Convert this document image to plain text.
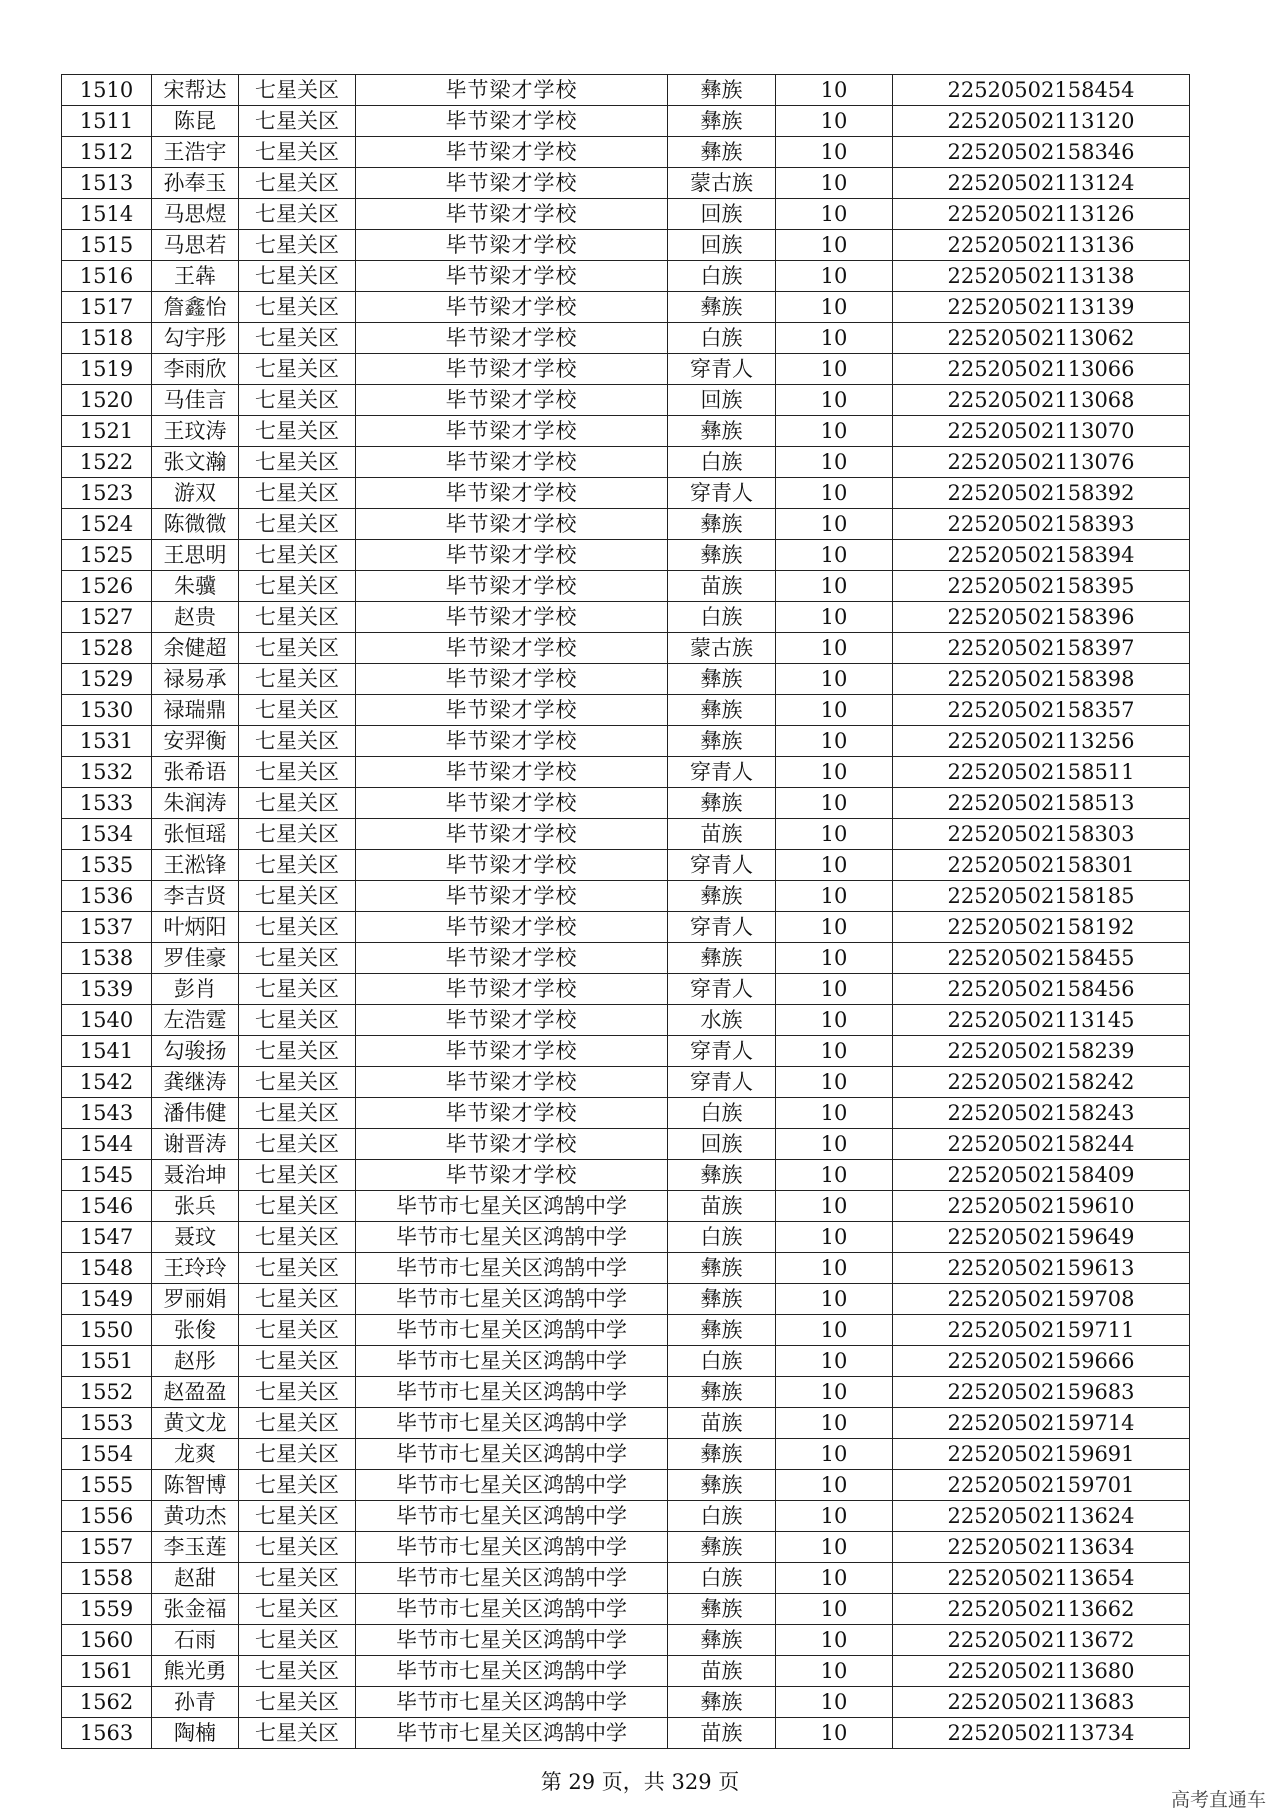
1510	宋帮达	七星关区	毕节梁才学校	彝族	10	22520502158454
1511	陈昆	七星关区	毕节梁才学校	彝族	10	22520502113120
1512	王浩宇	七星关区	毕节梁才学校	彝族	10	22520502158346
1513	孙奉玉	七星关区	毕节梁才学校	蒙古族	10	22520502113124
1514	马思煜	七星关区	毕节梁才学校	回族	10	22520502113126
1515	马思若	七星关区	毕节梁才学校	回族	10	22520502113136
1516	王犇	七星关区	毕节梁才学校	白族	10	22520502113138
1517	詹鑫怡	七星关区	毕节梁才学校	彝族	10	22520502113139
1518	勾宇彤	七星关区	毕节梁才学校	白族	10	22520502113062
1519	李雨欣	七星关区	毕节梁才学校	穿青人	10	22520502113066
1520	马佳言	七星关区	毕节梁才学校	回族	10	22520502113068
1521	王玟涛	七星关区	毕节梁才学校	彝族	10	22520502113070
1522	张文瀚	七星关区	毕节梁才学校	白族	10	22520502113076
1523	游双	七星关区	毕节梁才学校	穿青人	10	22520502158392
1524	陈微微	七星关区	毕节梁才学校	彝族	10	22520502158393
1525	王思明	七星关区	毕节梁才学校	彝族	10	22520502158394
1526	朱骥	七星关区	毕节梁才学校	苗族	10	22520502158395
1527	赵贵	七星关区	毕节梁才学校	白族	10	22520502158396
1528	余健超	七星关区	毕节梁才学校	蒙古族	10	22520502158397
1529	禄易承	七星关区	毕节梁才学校	彝族	10	22520502158398
1530	禄瑞鼎	七星关区	毕节梁才学校	彝族	10	22520502158357
1531	安羿衡	七星关区	毕节梁才学校	彝族	10	22520502113256
1532	张希语	七星关区	毕节梁才学校	穿青人	10	22520502158511
1533	朱润涛	七星关区	毕节梁才学校	彝族	10	22520502158513
1534	张恒瑶	七星关区	毕节梁才学校	苗族	10	22520502158303
1535	王淞锋	七星关区	毕节梁才学校	穿青人	10	22520502158301
1536	李吉贤	七星关区	毕节梁才学校	彝族	10	22520502158185
1537	叶炳阳	七星关区	毕节梁才学校	穿青人	10	22520502158192
1538	罗佳豪	七星关区	毕节梁才学校	彝族	10	22520502158455
1539	彭肖	七星关区	毕节梁才学校	穿青人	10	22520502158456
1540	左浩霆	七星关区	毕节梁才学校	水族	10	22520502113145
1541	勾骏扬	七星关区	毕节梁才学校	穿青人	10	22520502158239
1542	龚继涛	七星关区	毕节梁才学校	穿青人	10	22520502158242
1543	潘伟健	七星关区	毕节梁才学校	白族	10	22520502158243
1544	谢晋涛	七星关区	毕节梁才学校	回族	10	22520502158244
1545	聂治坤	七星关区	毕节梁才学校	彝族	10	22520502158409
1546	张兵	七星关区	毕节市七星关区鸿鹄中学	苗族	10	22520502159610
1547	聂玟	七星关区	毕节市七星关区鸿鹄中学	白族	10	22520502159649
1548	王玲玲	七星关区	毕节市七星关区鸿鹄中学	彝族	10	22520502159613
1549	罗丽娟	七星关区	毕节市七星关区鸿鹄中学	彝族	10	22520502159708
1550	张俊	七星关区	毕节市七星关区鸿鹄中学	彝族	10	22520502159711
1551	赵彤	七星关区	毕节市七星关区鸿鹄中学	白族	10	22520502159666
1552	赵盈盈	七星关区	毕节市七星关区鸿鹄中学	彝族	10	22520502159683
1553	黄文龙	七星关区	毕节市七星关区鸿鹄中学	苗族	10	22520502159714
1554	龙爽	七星关区	毕节市七星关区鸿鹄中学	彝族	10	22520502159691
1555	陈智博	七星关区	毕节市七星关区鸿鹄中学	彝族	10	22520502159701
1556	黄功杰	七星关区	毕节市七星关区鸿鹄中学	白族	10	22520502113624
1557	李玉莲	七星关区	毕节市七星关区鸿鹄中学	彝族	10	22520502113634
1558	赵甜	七星关区	毕节市七星关区鸿鹄中学	白族	10	22520502113654
1559	张金福	七星关区	毕节市七星关区鸿鹄中学	彝族	10	22520502113662
1560	石雨	七星关区	毕节市七星关区鸿鹄中学	彝族	10	22520502113672
1561	熊光勇	七星关区	毕节市七星关区鸿鹄中学	苗族	10	22520502113680
1562	孙青	七星关区	毕节市七星关区鸿鹄中学	彝族	10	22520502113683
1563	陶楠	七星关区	毕节市七星关区鸿鹄中学	苗族	10	22520502113734
第 29 页，共 329 页
高考直通车
